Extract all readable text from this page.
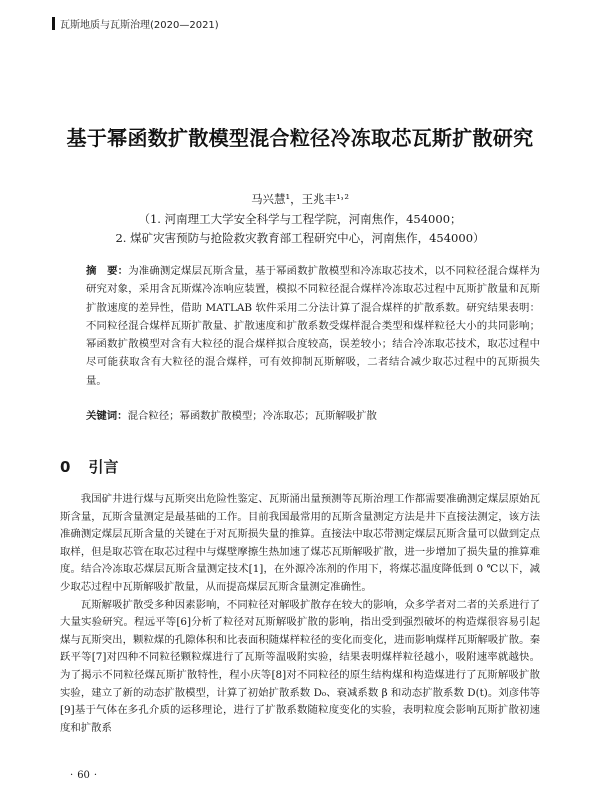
瓦斯地质与瓦斯治理(2020—2021)
基于幂函数扩散模型混合粒径冷冻取芯瓦斯扩散研究
马兴慧¹，王兆丰¹˒²
（1. 河南理工大学安全科学与工程学院，河南焦作，454000；
2. 煤矿灾害预防与抢险救灾教育部工程研究中心，河南焦作，454000）
摘　要：为准确测定煤层瓦斯含量，基于幂函数扩散模型和冷冻取芯技术，以不同粒径混合煤样为研究对象，采用含瓦斯煤冷冻响应装置，模拟不同粒径混合煤样冷冻取芯过程中瓦斯扩散量和瓦斯扩散速度的差异性，借助 MATLAB 软件采用二分法计算了混合煤样的扩散系数。研究结果表明：不同粒径混合煤样瓦斯扩散量、扩散速度和扩散系数受煤样混合类型和煤样粒径大小的共同影响；幂函数扩散模型对含有大粒径的混合煤样拟合度较高，误差较小；结合冷冻取芯技术，取芯过程中尽可能获取含有大粒径的混合煤样，可有效抑制瓦斯解吸，二者结合减少取芯过程中的瓦斯损失量。
关键词：混合粒径；幂函数扩散模型；冷冻取芯；瓦斯解吸扩散
0 引言

我国矿井进行煤与瓦斯突出危险性鉴定、瓦斯涌出量预测等瓦斯治理工作都需要准确测定煤层原始瓦斯含量，瓦斯含量测定是最基础的工作。目前我国最常用的瓦斯含量测定方法是井下直接法测定，该方法准确测定煤层瓦斯含量的关键在于对瓦斯损失量的推算。直接法中取芯带测定煤层瓦斯含量可以做到定点取样，但是取芯管在取芯过程中与煤壁摩擦生热加速了煤芯瓦斯解吸扩散，进一步增加了损失量的推算难度。结合冷冻取芯煤层瓦斯含量测定技术[1]，在外源冷冻剂的作用下，将煤芯温度降低到 0 ℃以下，减少取芯过程中瓦斯解吸扩散量，从而提高煤层瓦斯含量测定准确性。

瓦斯解吸扩散受多种因素影响，不同粒径对解吸扩散存在较大的影响，众多学者对二者的关系进行了大量实验研究。程远平等[6]分析了粒径对瓦斯解吸扩散的影响，指出受到强烈破坏的构造煤很容易引起煤与瓦斯突出，颗粒煤的孔隙体积和比表面积随煤样粒径的变化而变化，进而影响煤样瓦斯解吸扩散。秦跃平等[7]对四种不同粒径颗粒煤进行了瓦斯等温吸附实验，结果表明煤样粒径越小，吸附速率就越快。为了揭示不同粒径煤瓦斯扩散特性，程小庆等[8]对不同粒径的原生结构煤和构造煤进行了瓦斯解吸扩散实验，建立了新的动态扩散模型，计算了初始扩散系数 D₀、衰减系数 β 和动态扩散系数 D(t)。刘彦伟等[9]基于气体在多孔介质的运移理论，进行了扩散系数随粒度变化的实验，表明粒度会影响瓦斯扩散初速度和扩散系

· 60 ·
